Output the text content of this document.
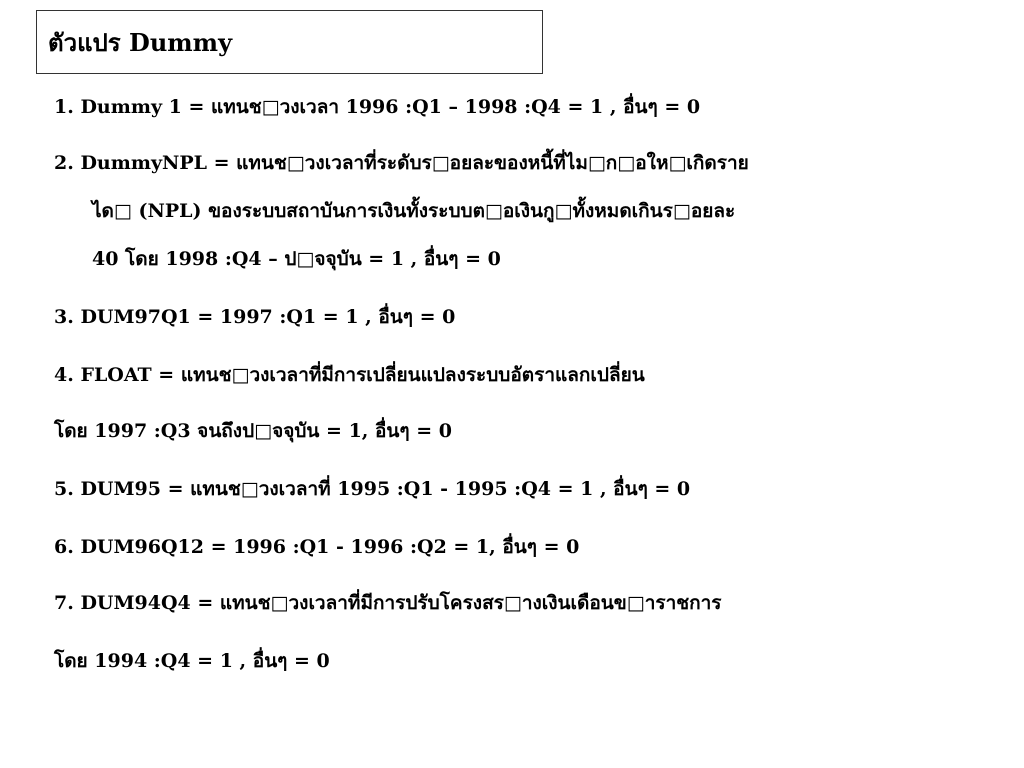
ตัวแปร Dummy
1. Dummy 1 = แทนช□วงเวลา 1996 :Q1 – 1998 :Q4 = 1 , อื่นๆ = 0
2. DummyNPL = แทนช□วงเวลาที่ระดับร□อยละของหนี้ที่ไม□ก□อให□เกิดราย
ได□ (NPL) ของระบบสถาบันการเงินทั้งระบบต□อเงินกู□ทั้งหมดเกินร□อยละ
40 โดย 1998 :Q4 – ป□จจุบัน = 1 , อื่นๆ = 0
3. DUM97Q1 = 1997 :Q1 = 1 , อื่นๆ = 0
4. FLOAT = แทนช□วงเวลาที่มีการเปลี่ยนแปลงระบบอัตราแลกเปลี่ยน
โดย 1997 :Q3 จนถึงป□จจุบัน = 1, อื่นๆ = 0
5. DUM95 = แทนช□วงเวลาที่ 1995 :Q1 - 1995 :Q4 = 1 , อื่นๆ = 0
6. DUM96Q12 = 1996 :Q1 - 1996 :Q2 = 1, อื่นๆ = 0
7. DUM94Q4 = แทนช□วงเวลาที่มีการปรับโครงสร□างเงินเดือนข□าราชการ
โดย 1994 :Q4 = 1 , อื่นๆ = 0
